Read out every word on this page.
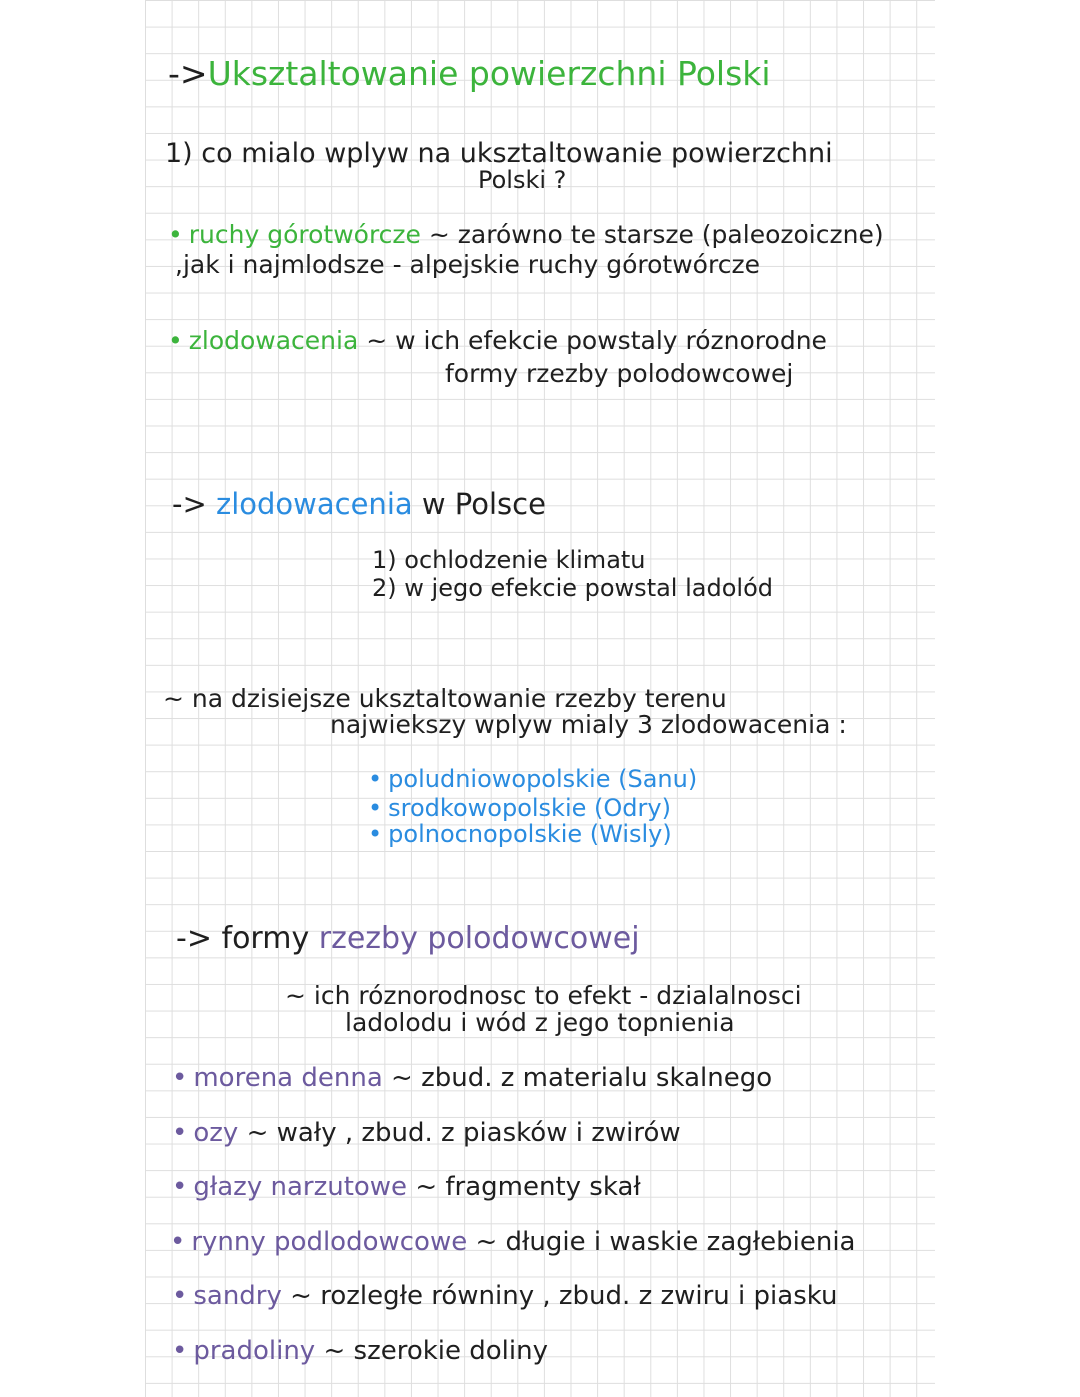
->Uksztaltowanie powierzchni Polski
1) co mialo wplyw na uksztaltowanie powierzchni
Polski ?
• ruchy górotwórcze ~ zarówno te starsze (paleozoiczne)
,jak i najmlodsze - alpejskie ruchy górotwórcze
• zlodowacenia ~ w ich efekcie powstaly róznorodne
formy rzezby polodowcowej
-> zlodowacenia w Polsce
1) ochlodzenie klimatu
2) w jego efekcie powstal ladolód
~ na dzisiejsze uksztaltowanie rzezby terenu
najwiekszy wplyw mialy 3 zlodowacenia :
• poludniowopolskie (Sanu)
• srodkowopolskie (Odry)
• polnocnopolskie (Wisly)
-> formy rzezby polodowcowej
~ ich róznorodnosc to efekt - dzialalnosci
ladolodu i wód z jego topnienia
• morena denna ~ zbud. z materialu skalnego
• ozy ~ wały , zbud. z piasków i zwirów
• głazy narzutowe ~ fragmenty skał
• rynny podlodowcowe ~ długie i waskie zagłebienia
• sandry ~ rozległe równiny , zbud. z zwiru i piasku
• pradoliny ~ szerokie doliny
